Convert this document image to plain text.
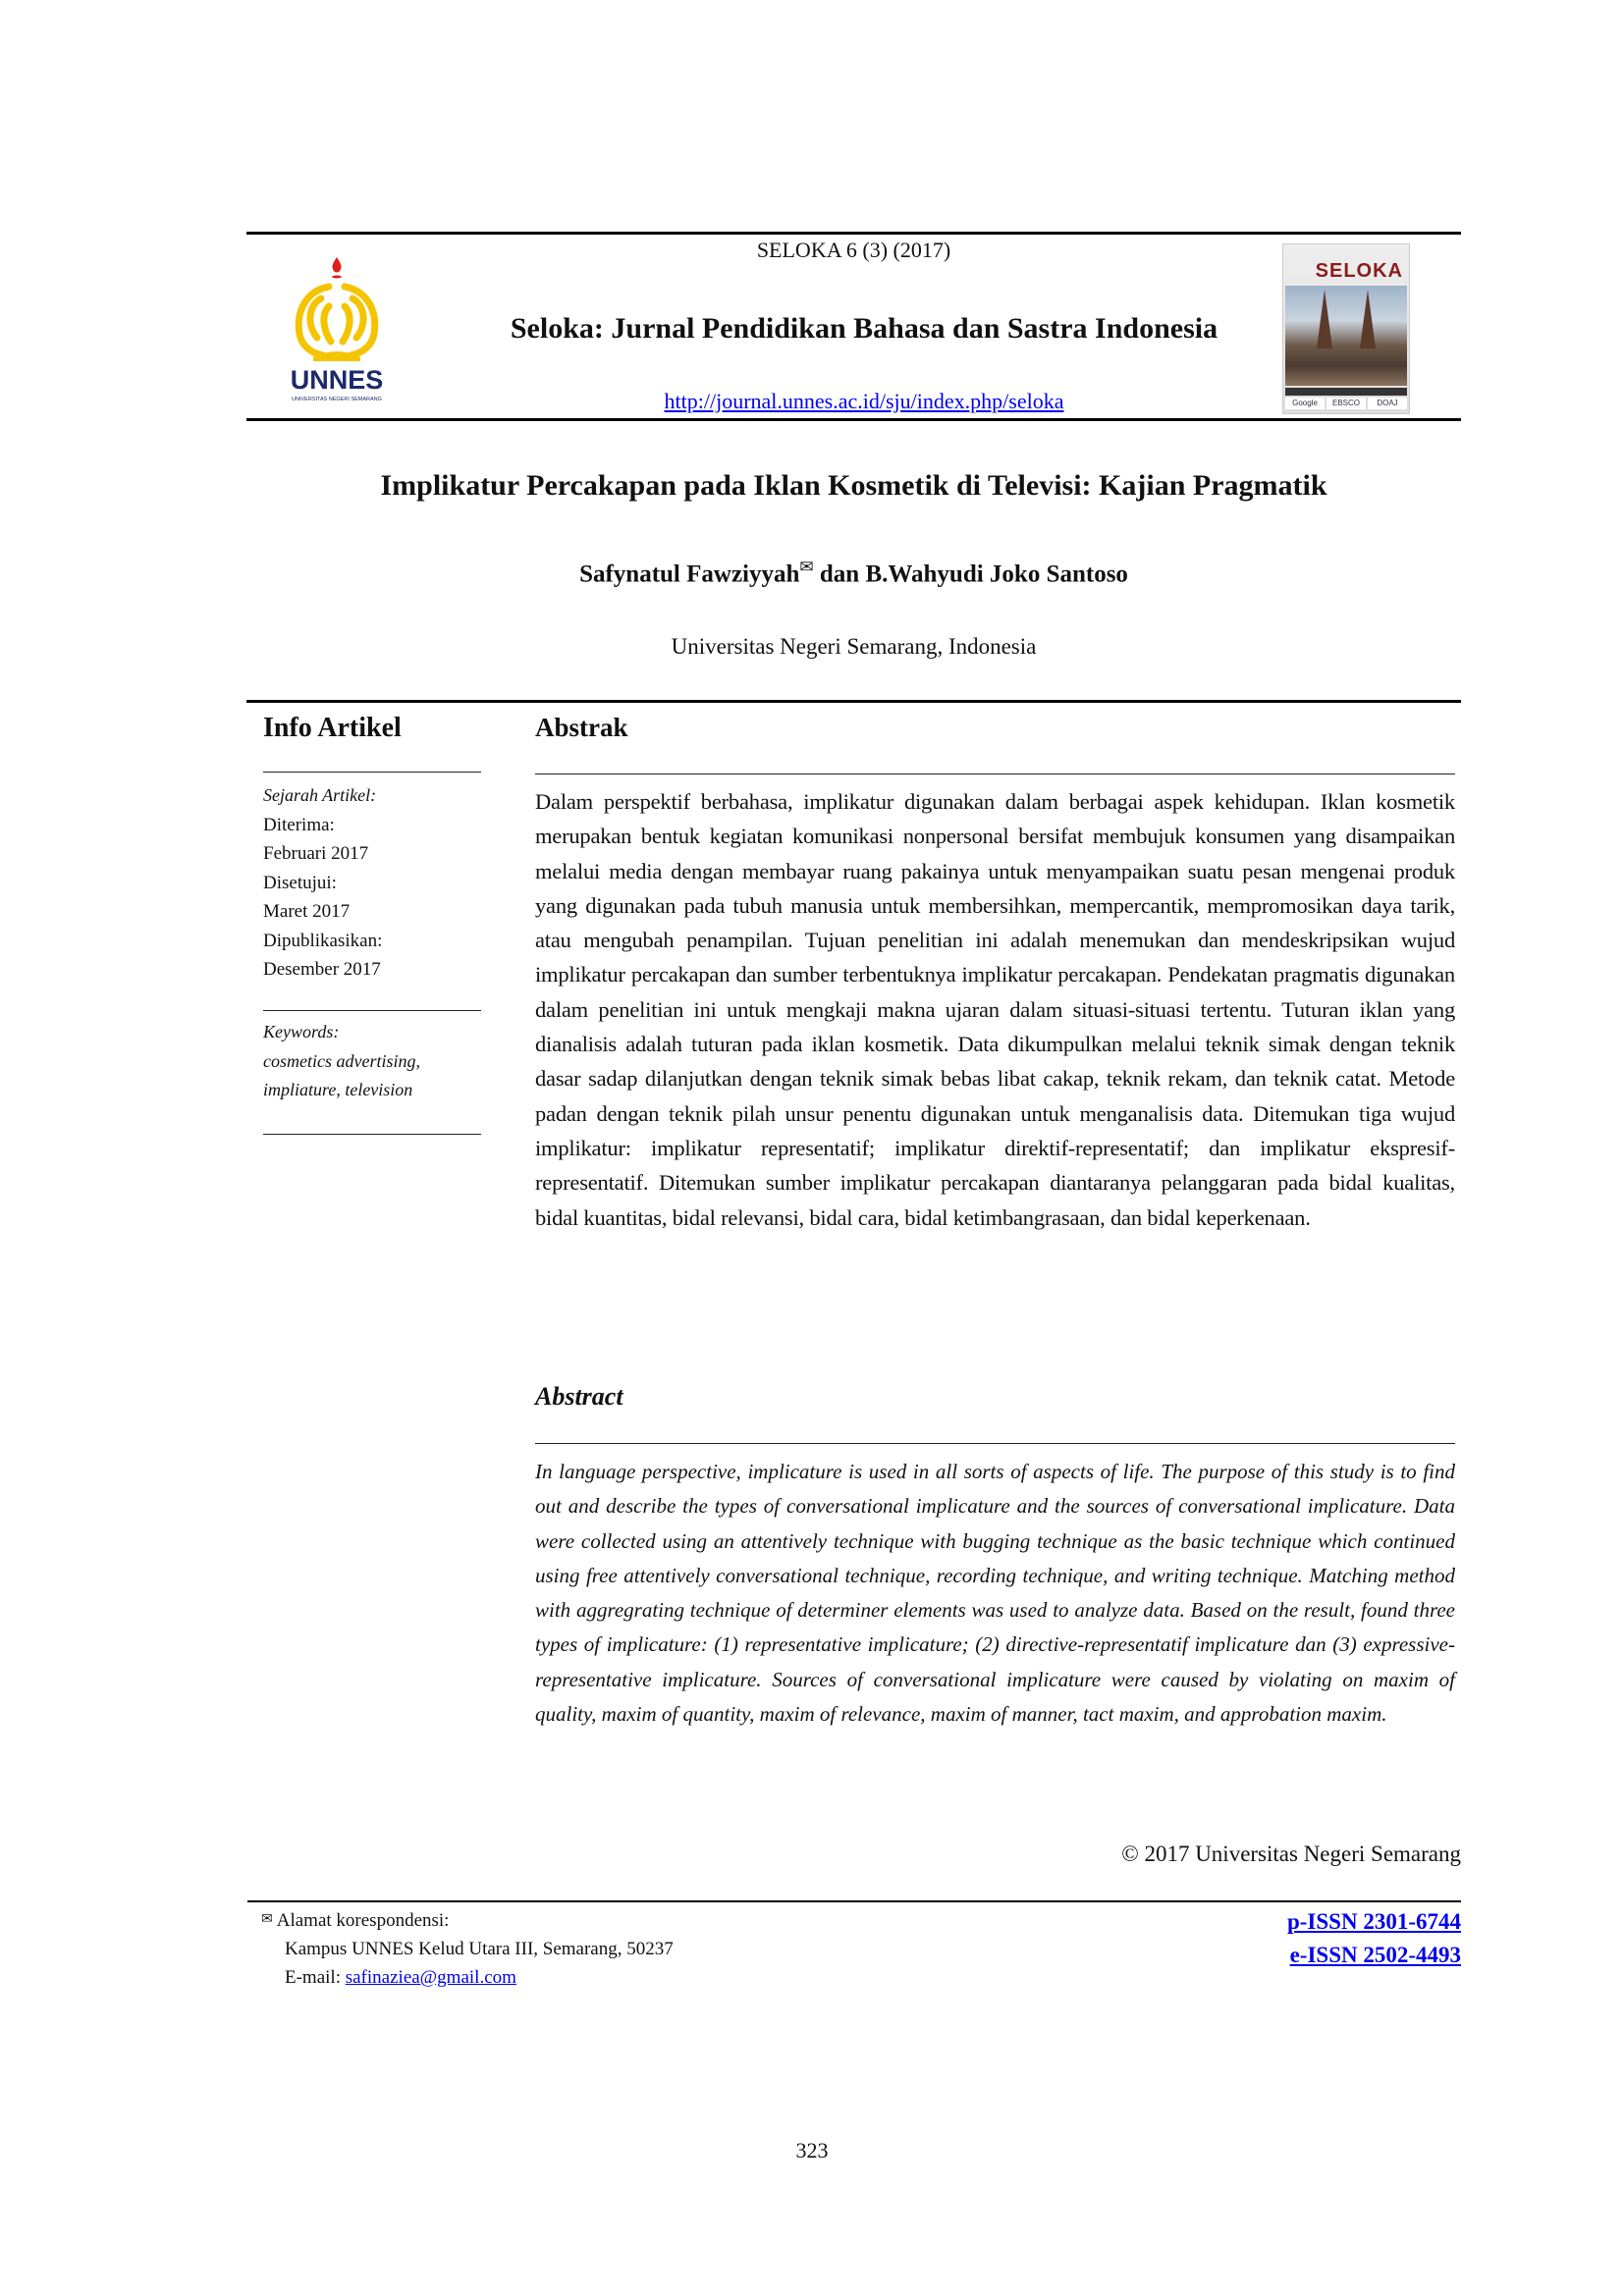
UNNES
UNIVERSITAS NEGERI SEMARANG
SELOKA 6 (3) (2017)
Seloka: Jurnal Pendidikan Bahasa dan Sastra Indonesia
http://journal.unnes.ac.id/sju/index.php/seloka
SELOKA
Google	EBSCO	DOAJ
Implikatur Percakapan pada Iklan Kosmetik di Televisi: Kajian Pragmatik
Safynatul Fawziyyah✉ dan B.Wahyudi Joko Santoso
Universitas Negeri Semarang, Indonesia
Info Artikel
Sejarah Artikel:
Diterima:
Februari 2017
Disetujui:
Maret 2017
Dipublikasikan:
Desember 2017
Keywords:
cosmetics advertising,
impliature, television
Abstrak
Dalam perspektif berbahasa, implikatur digunakan dalam berbagai aspek kehidupan. Iklan kosmetik merupakan bentuk kegiatan komunikasi nonpersonal bersifat membujuk konsumen yang disampaikan melalui media dengan membayar ruang pakainya untuk menyampaikan suatu pesan mengenai produk yang digunakan pada tubuh manusia untuk membersihkan, mempercantik, mempromosikan daya tarik, atau mengubah penampilan. Tujuan penelitian ini adalah menemukan dan mendeskripsikan wujud implikatur percakapan dan sumber terbentuknya implikatur percakapan. Pendekatan pragmatis digunakan dalam penelitian ini untuk mengkaji makna ujaran dalam situasi-situasi tertentu. Tuturan iklan yang dianalisis adalah tuturan pada iklan kosmetik. Data dikumpulkan melalui teknik simak dengan teknik dasar sadap dilanjutkan dengan teknik simak bebas libat cakap, teknik rekam, dan teknik catat. Metode padan dengan teknik pilah unsur penentu digunakan untuk menganalisis data. Ditemukan tiga wujud implikatur: implikatur representatif; implikatur direktif-representatif; dan implikatur ekspresif-representatif. Ditemukan sumber implikatur percakapan diantaranya pelanggaran pada bidal kualitas, bidal kuantitas, bidal relevansi, bidal cara, bidal ketimbangrasaan, dan bidal keperkenaan.
Abstract
In language perspective, implicature is used in all sorts of aspects of life. The purpose of this study is to find out and describe the types of conversational implicature and the sources of conversational implicature. Data were collected using an attentively technique with bugging technique as the basic technique which continued using free attentively conversational technique, recording technique, and writing technique. Matching method with aggregrating technique of determiner elements was used to analyze data. Based on the result, found three types of implicature: (1) representative implicature; (2) directive-representatif implicature dan (3) expressive-representative implicature. Sources of conversational implicature were caused by violating on maxim of quality, maxim of quantity, maxim of relevance, maxim of manner, tact maxim, and approbation maxim.
© 2017 Universitas Negeri Semarang
✉ Alamat korespondensi:
Kampus UNNES Kelud Utara III, Semarang, 50237
E-mail: safinaziea@gmail.com
p-ISSN 2301-6744
e-ISSN 2502-4493
323
